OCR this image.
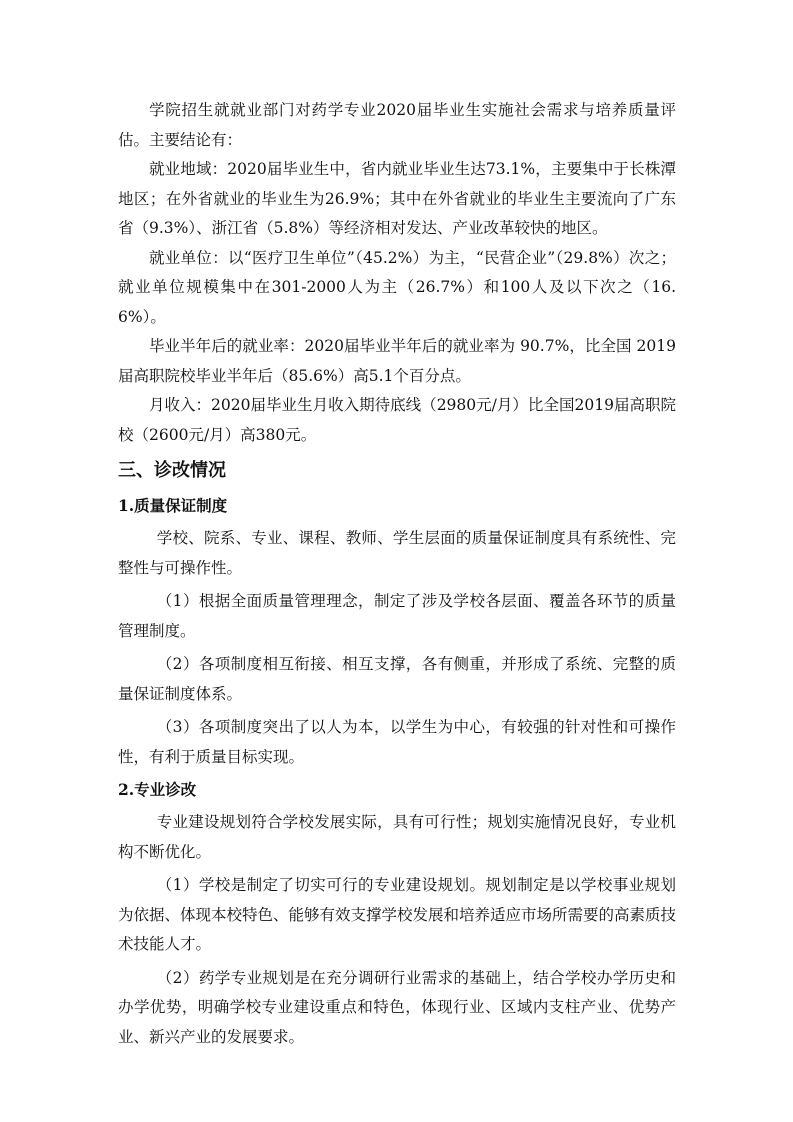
学院招生就就业部门对药学专业2020届毕业生实施社会需求与培养质量评估。主要结论有：

就业地域：2020届毕业生中，省内就业毕业生达73.1%，主要集中于长株潭地区；在外省就业的毕业生为26.9%；其中在外省就业的毕业生主要流向了广东省（9.3%）、浙江省（5.8%）等经济相对发达、产业改革较快的地区。

就业单位：以“医疗卫生单位”（45.2%）为主，“民营企业”（29.8%）次之；就业单位规模集中在301-2000人为主（26.7%）和100人及以下次之（16.6%）。

毕业半年后的就业率：2020届毕业半年后的就业率为 90.7%，比全国 2019届高职院校毕业半年后（85.6%）高5.1个百分点。

月收入：2020届毕业生月收入期待底线（2980元/月）比全国2019届高职院校（2600元/月）高380元。

三、诊改情况
1.质量保证制度

学校、院系、专业、课程、教师、学生层面的质量保证制度具有系统性、完整性与可操作性。

（1）根据全面质量管理理念，制定了涉及学校各层面、覆盖各环节的质量管理制度。

（2）各项制度相互衔接、相互支撑，各有侧重，并形成了系统、完整的质量保证制度体系。

（3）各项制度突出了以人为本，以学生为中心，有较强的针对性和可操作性，有利于质量目标实现。

2.专业诊改

专业建设规划符合学校发展实际，具有可行性；规划实施情况良好，专业机构不断优化。

（1）学校是制定了切实可行的专业建设规划。规划制定是以学校事业规划为依据、体现本校特色、能够有效支撑学校发展和培养适应市场所需要的高素质技术技能人才。

（2）药学专业规划是在充分调研行业需求的基础上，结合学校办学历史和办学优势，明确学校专业建设重点和特色，体现行业、区域内支柱产业、优势产业、新兴产业的发展要求。
